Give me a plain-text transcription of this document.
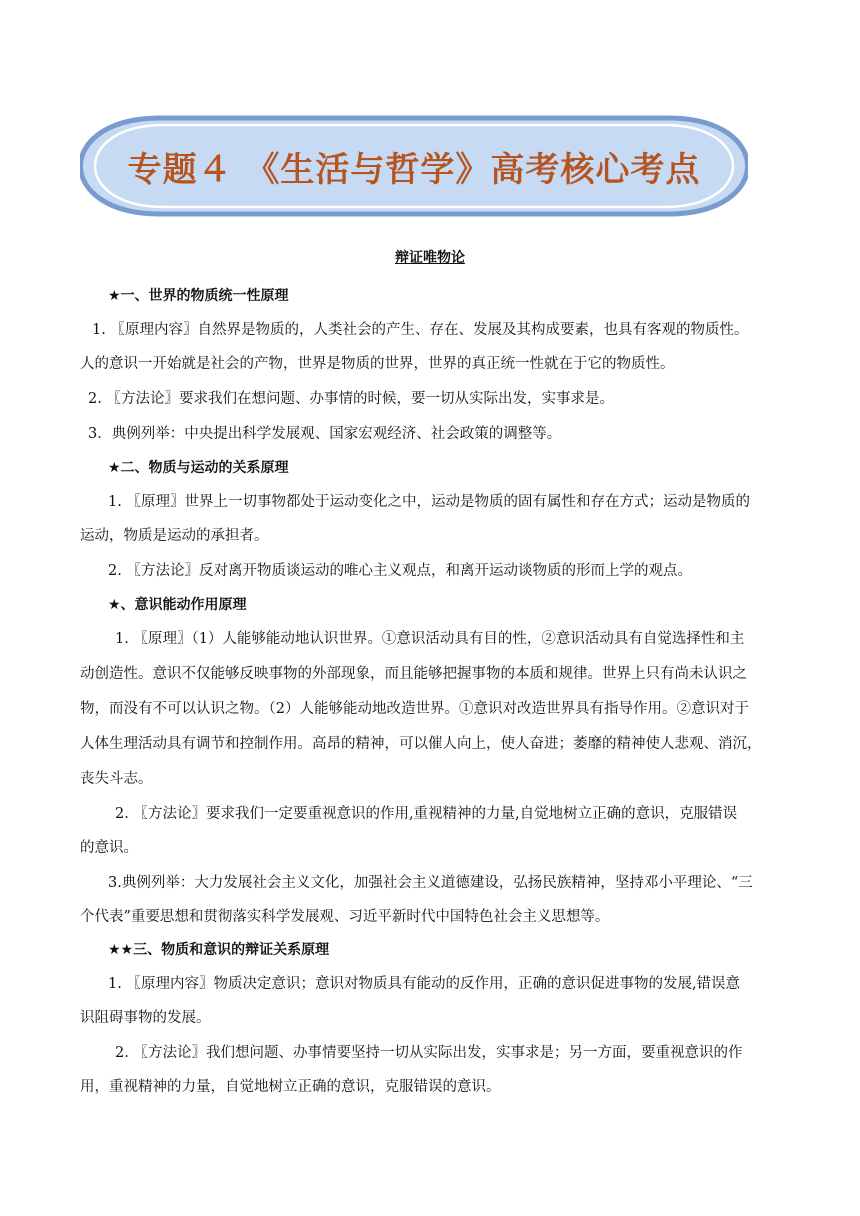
专题４ 《生活与哲学》高考核心考点
辩证唯物论
★一、世界的物质统一性原理
1. 〖原理内容〗自然界是物质的，人类社会的产生、存在、发展及其构成要素，也具有客观的物质性。
人的意识一开始就是社会的产物，世界是物质的世界，世界的真正统一性就在于它的物质性。
2. 〖方法论〗要求我们在想问题、办事情的时候，要一切从实际出发，实事求是。
3．典例列举：中央提出科学发展观、国家宏观经济、社会政策的调整等。
★二、物质与运动的关系原理
1. 〖原理〗世界上一切事物都处于运动变化之中，运动是物质的固有属性和存在方式；运动是物质的
运动，物质是运动的承担者。
2. 〖方法论〗反对离开物质谈运动的唯心主义观点，和离开运动谈物质的形而上学的观点。
★、意识能动作用原理
1. 〖原理〗（1）人能够能动地认识世界。①意识活动具有目的性，②意识活动具有自觉选择性和主
动创造性。意识不仅能够反映事物的外部现象，而且能够把握事物的本质和规律。世界上只有尚未认识之
物，而没有不可以认识之物。（2）人能够能动地改造世界。①意识对改造世界具有指导作用。②意识对于
人体生理活动具有调节和控制作用。高昂的精神，可以催人向上，使人奋进；萎靡的精神使人悲观、消沉，
丧失斗志。
2. 〖方法论〗要求我们一定要重视意识的作用,重视精神的力量,自觉地树立正确的意识，克服错误
的意识。
3.典例列举：大力发展社会主义文化，加强社会主义道德建设，弘扬民族精神，坚持邓小平理论、“三
个代表”重要思想和贯彻落实科学发展观、习近平新时代中国特色社会主义思想等。
★★三、物质和意识的辩证关系原理
1. 〖原理内容〗物质决定意识；意识对物质具有能动的反作用，正确的意识促进事物的发展,错误意
识阻碍事物的发展。
2. 〖方法论〗我们想问题、办事情要坚持一切从实际出发，实事求是；另一方面，要重视意识的作
用，重视精神的力量，自觉地树立正确的意识，克服错误的意识。
